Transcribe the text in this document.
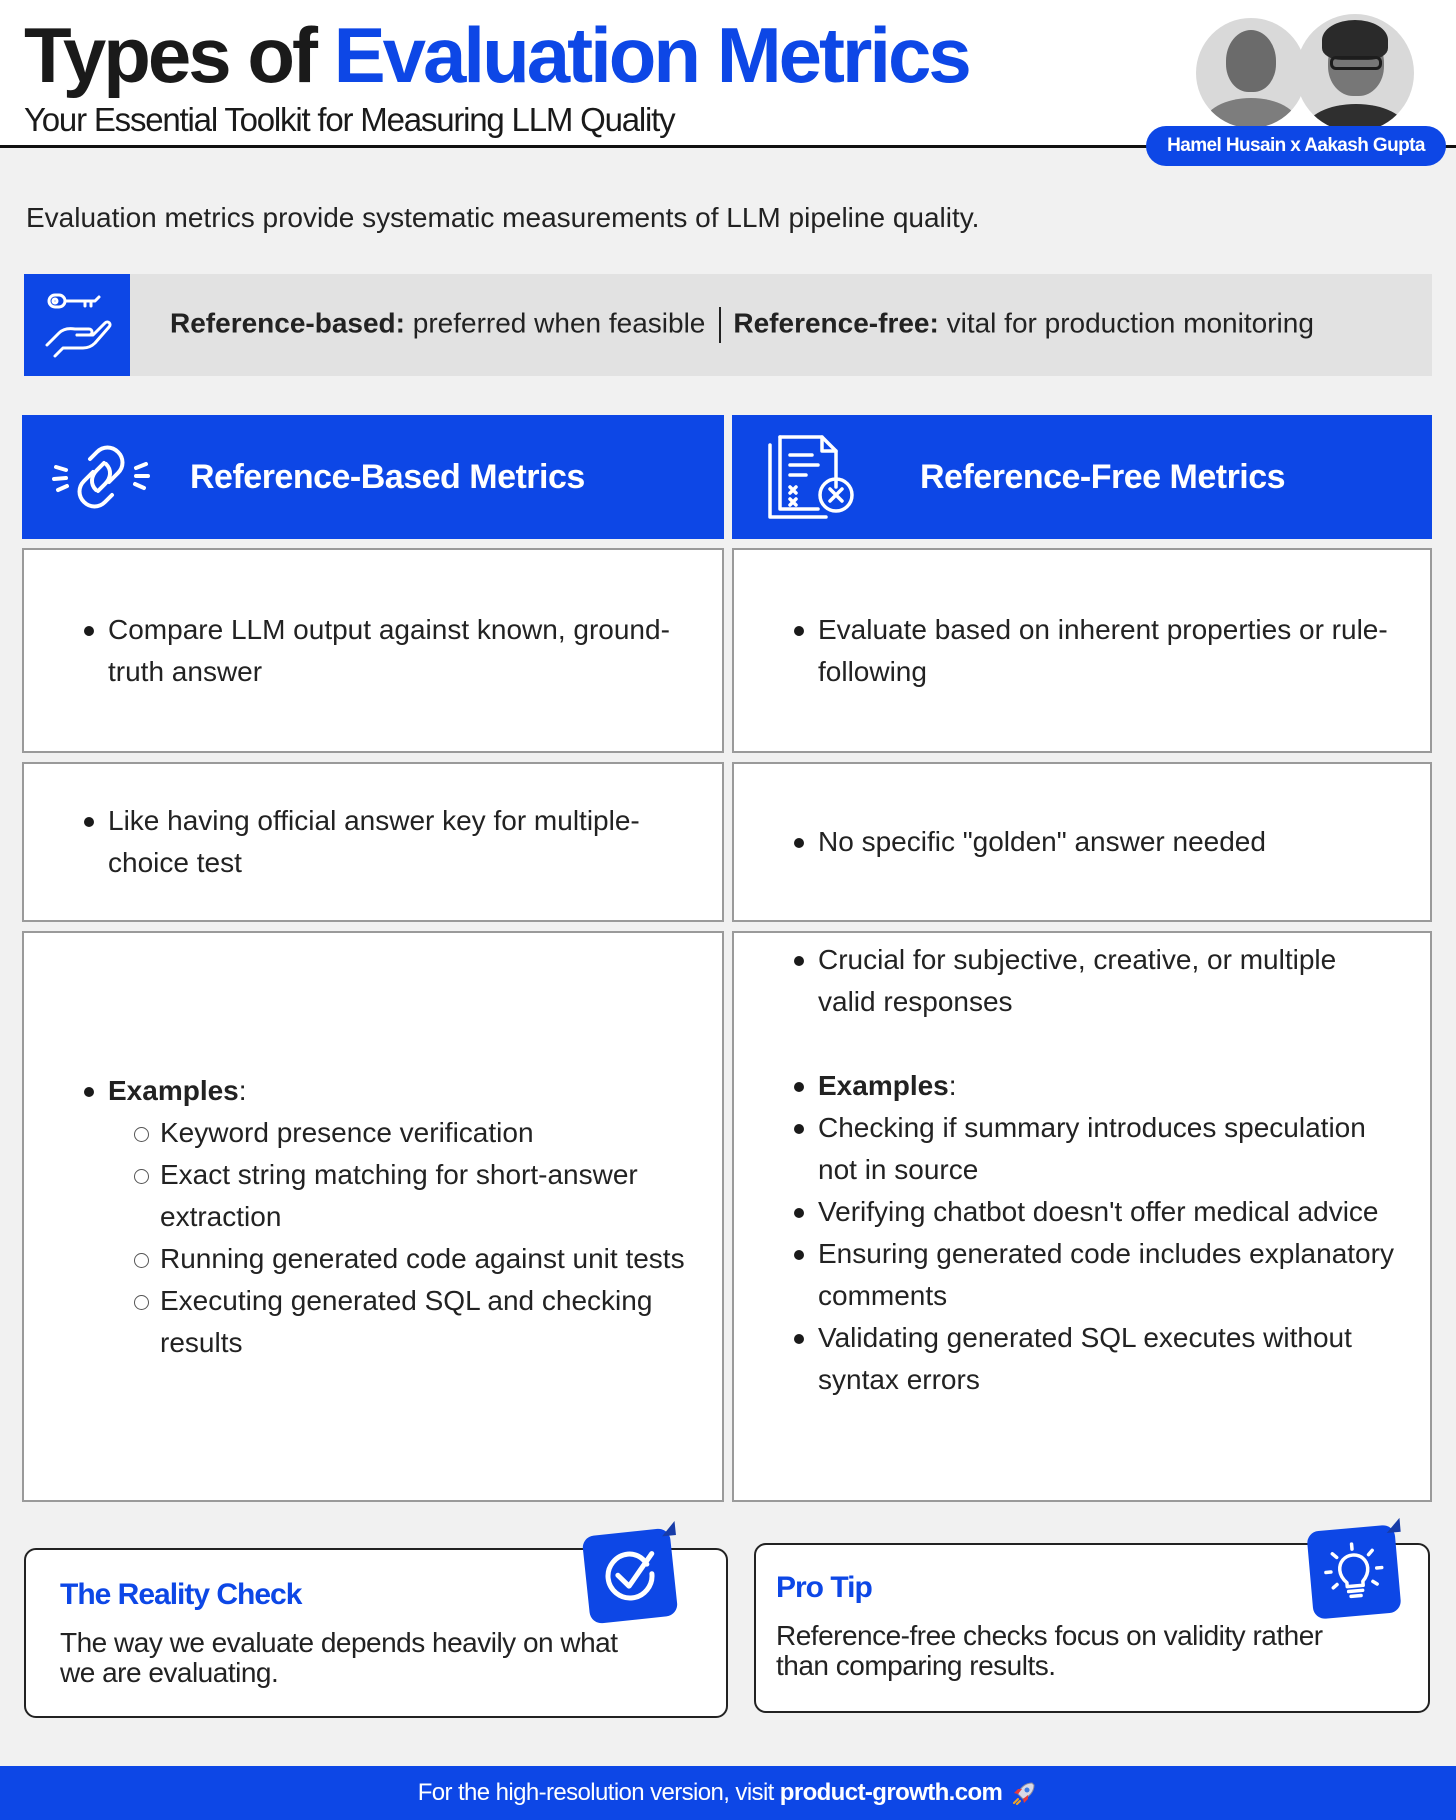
Types of Evaluation Metrics
Your Essential Toolkit for Measuring LLM Quality
Hamel Husain x Aakash Gupta
Evaluation metrics provide systematic measurements of LLM pipeline quality.
Reference-based: preferred when feasible Reference-free: vital for production monitoring
Reference-Based Metrics	Reference-Free Metrics
Compare LLM output against known, ground-truth answer
Evaluate based on inherent properties or rule-following
Like having official answer key for multiple-choice test
No specific "golden" answer needed
Examples:
Keyword presence verification
Exact string matching for short-answer extraction
Running generated code against unit tests
Executing generated SQL and checking results
Crucial for subjective, creative, or multiple valid responses
Examples:
Checking if summary introduces speculation not in source
Verifying chatbot doesn't offer medical advice
Ensuring generated code includes explanatory comments
Validating generated SQL executes without syntax errors
The Reality Check
The way we evaluate depends heavily on what we are evaluating.
Pro Tip
Reference-free checks focus on validity rather than comparing results.
For the high-resolution version, visit product-growth.com
